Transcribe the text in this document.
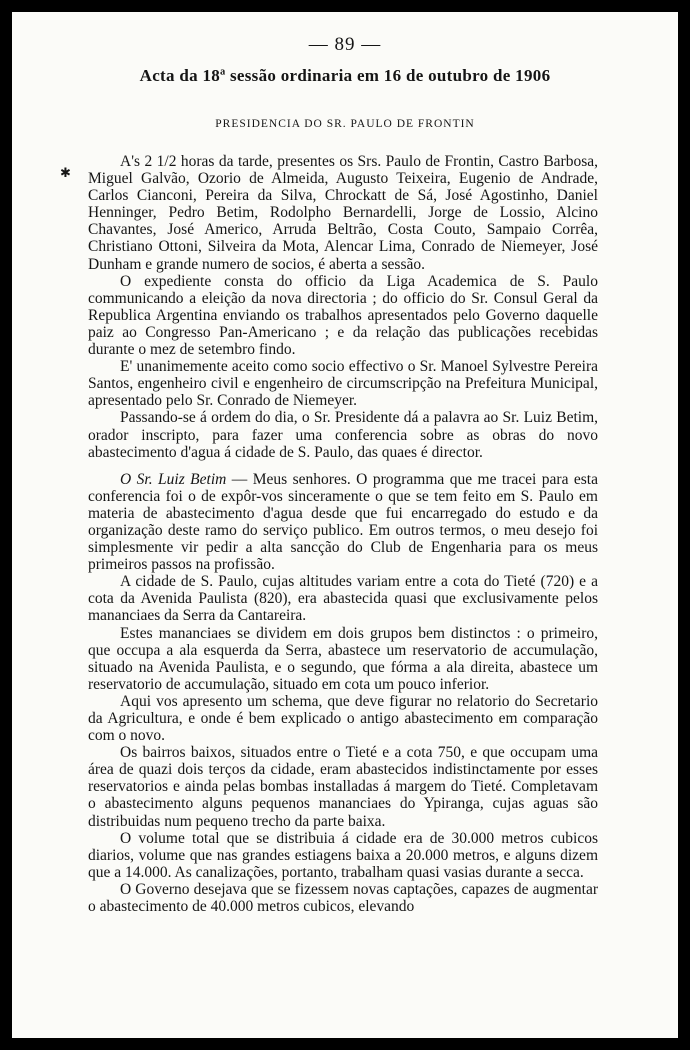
— 89 —
Acta da 18ª sessão ordinaria em 16 de outubro de 1906
PRESIDENCIA DO SR. PAULO DE FRONTIN
✱

A's 2 1/2 horas da tarde, presentes os Srs. Paulo de Frontin, Castro Barbosa, Miguel Galvão, Ozorio de Almeida, Augusto Teixeira, Eugenio de Andrade, Carlos Cianconi, Pereira da Silva, Chrockatt de Sá, José Agostinho, Daniel Henninger, Pedro Betim, Rodolpho Bernardelli, Jorge de Lossio, Alcino Chavantes, José Americo, Arruda Beltrão, Costa Couto, Sampaio Corrêa, Christiano Ottoni, Silveira da Mota, Alencar Lima, Conrado de Niemeyer, José Dunham e grande numero de socios, é aberta a sessão.

O expediente consta do officio da Liga Academica de S. Paulo communicando a eleição da nova directoria ; do officio do Sr. Consul Geral da Republica Argentina enviando os trabalhos apresentados pelo Governo daquelle paiz ao Congresso Pan-Americano ; e da relação das publicações recebidas durante o mez de setembro findo.

E' unanimemente aceito como socio effectivo o Sr. Manoel Sylvestre Pereira Santos, engenheiro civil e engenheiro de circumscripção na Prefeitura Municipal, apresentado pelo Sr. Conrado de Niemeyer.

Passando-se á ordem do dia, o Sr. Presidente dá a palavra ao Sr. Luiz Betim, orador inscripto, para fazer uma conferencia sobre as obras do novo abastecimento d'agua á cidade de S. Paulo, das quaes é director.

O Sr. Luiz Betim — Meus senhores. O programma que me tracei para esta conferencia foi o de expôr-vos sinceramente o que se tem feito em S. Paulo em materia de abastecimento d'agua desde que fui encarregado do estudo e da organização deste ramo do serviço publico. Em outros termos, o meu desejo foi simplesmente vir pedir a alta sancção do Club de Engenharia para os meus primeiros passos na profissão.

A cidade de S. Paulo, cujas altitudes variam entre a cota do Tieté (720) e a cota da Avenida Paulista (820), era abastecida quasi que exclusivamente pelos mananciaes da Serra da Cantareira.

Estes mananciaes se dividem em dois grupos bem distinctos : o primeiro, que occupa a ala esquerda da Serra, abastece um reservatorio de accumulação, situado na Avenida Paulista, e o segundo, que fórma a ala direita, abastece um reservatorio de accumulação, situado em cota um pouco inferior.

Aqui vos apresento um schema, que deve figurar no relatorio do Secretario da Agricultura, e onde é bem explicado o antigo abastecimento em comparação com o novo.

Os bairros baixos, situados entre o Tieté e a cota 750, e que occupam uma área de quazi dois terços da cidade, eram abastecidos indistinctamente por esses reservatorios e ainda pelas bombas installadas á margem do Tieté. Completavam o abastecimento alguns pequenos mananciaes do Ypiranga, cujas aguas são distribuidas num pequeno trecho da parte baixa.

O volume total que se distribuia á cidade era de 30.000 metros cubicos diarios, volume que nas grandes estiagens baixa a 20.000 metros, e alguns dizem que a 14.000. As canalizações, portanto, trabalham quasi vasias durante a secca.

O Governo desejava que se fizessem novas captações, capazes de augmentar o abastecimento de 40.000 metros cubicos, elevando
